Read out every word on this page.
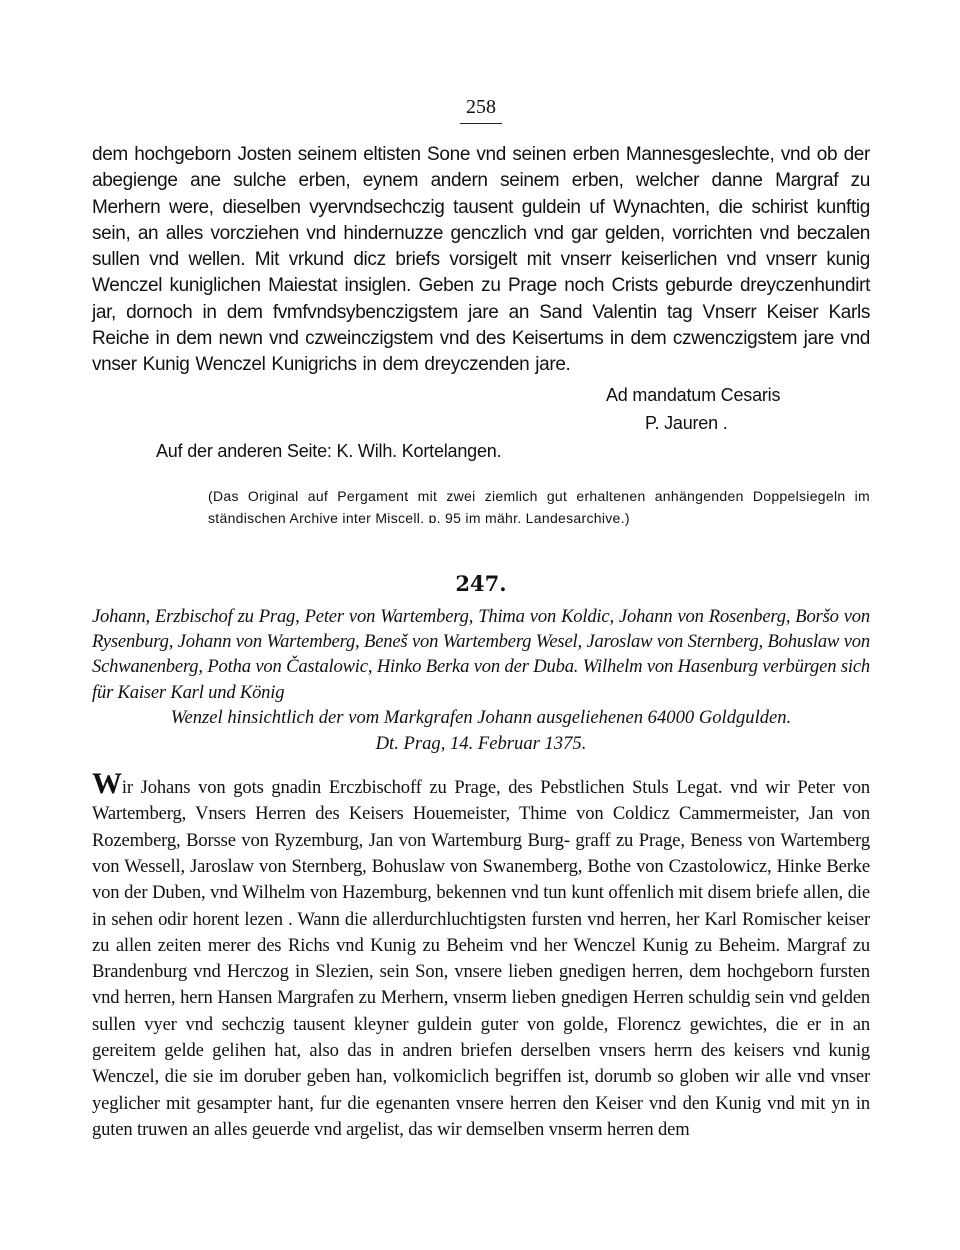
258

dem hochgeborn Josten seinem eltisten Sone vnd seinen erben Mannesgeslechte, vnd ob der abegienge ane sulche erben, eynem andern seinem erben, welcher danne Margraf zu Merhern were, dieselben vyervndsechczig tausent guldein uf Wynachten, die schirist kunftig sein, an alles vorcziehen vnd hindernuzze genczlich vnd gar gelden, vorrichten vnd beczalen sullen vnd wellen. Mit vrkund dicz briefs vorsigelt mit vnserr keiserlichen vnd vnserr kunig Wenczel kuniglichen Maiestat insiglen. Geben zu Prage noch Crists geburde dreyczenhundirt jar, dornoch in dem fvmfvndsybenczigstem jare an Sand Valentin tag Vnserr Keiser Karls Reiche in dem newn vnd czweinczigstem vnd des Keisertums in dem czwenczigstem jare vnd vnser Kunig Wenczel Kunigrichs in dem dreyczenden jare.

Ad mandatum Cesaris
P. Jauren .
Auf der anderen Seite: K. Wilh. Kortelangen.

(Das Original auf Pergament mit zwei ziemlich gut erhaltenen anhängenden Doppelsiegeln im ständischen Archive inter Miscell. ɒ. 95 im mähr. Landesarchive.)

247.

Johann, Erzbischof zu Prag, Peter von Wartemberg, Thima von Koldic, Johann von Rosenberg, Boršo von Rysenburg, Johann von Wartemberg, Beneš von Wartemberg Wesel, Jaroslaw von Sternberg, Bohuslaw von Schwanenberg, Potha von Častalowic, Hinko Berka von der Duba. Wilhelm von Hasenburg verbürgen sich für Kaiser Karl und König

Wenzel hinsichtlich der vom Markgrafen Johann ausgeliehenen 64000 Goldgulden.

Dt. Prag, 14. Februar 1375.

Wir Johans von gots gnadin Erczbischoff zu Prage, des Pebstlichen Stuls Legat. vnd wir Peter von Wartemberg, Vnsers Herren des Keisers Houemeister, Thime von Coldicz Cammermeister, Jan von Rozemberg, Borsse von Ryzemburg, Jan von Wartemburg Burg- graff zu Prage, Beness von Wartemberg von Wessell, Jaroslaw von Sternberg, Bohuslaw von Swanemberg, Bothe von Czastolowicz, Hinke Berke von der Duben, vnd Wilhelm von Hazemburg, bekennen vnd tun kunt offenlich mit disem briefe allen, die in sehen odir horent lezen . Wann die allerdurchluchtigsten fursten vnd herren, her Karl Romischer keiser zu allen zeiten merer des Richs vnd Kunig zu Beheim vnd her Wenczel Kunig zu Beheim. Margraf zu Brandenburg vnd Herczog in Slezien, sein Son, vnsere lieben gnedigen herren, dem hochgeborn fursten vnd herren, hern Hansen Margrafen zu Merhern, vnserm lieben gnedigen Herren schuldig sein vnd gelden sullen vyer vnd sechczig tausent kleyner guldein guter von golde, Florencz gewichtes, die er in an gereitem gelde gelihen hat, also das in andren briefen derselben vnsers herrn des keisers vnd kunig Wenczel, die sie im doruber geben han, volkomiclich begriffen ist, dorumb so globen wir alle vnd vnser yeglicher mit gesampter hant, fur die egenanten vnsere herren den Keiser vnd den Kunig vnd mit yn in guten truwen an alles geuerde vnd argelist, das wir demselben vnserm herren dem
